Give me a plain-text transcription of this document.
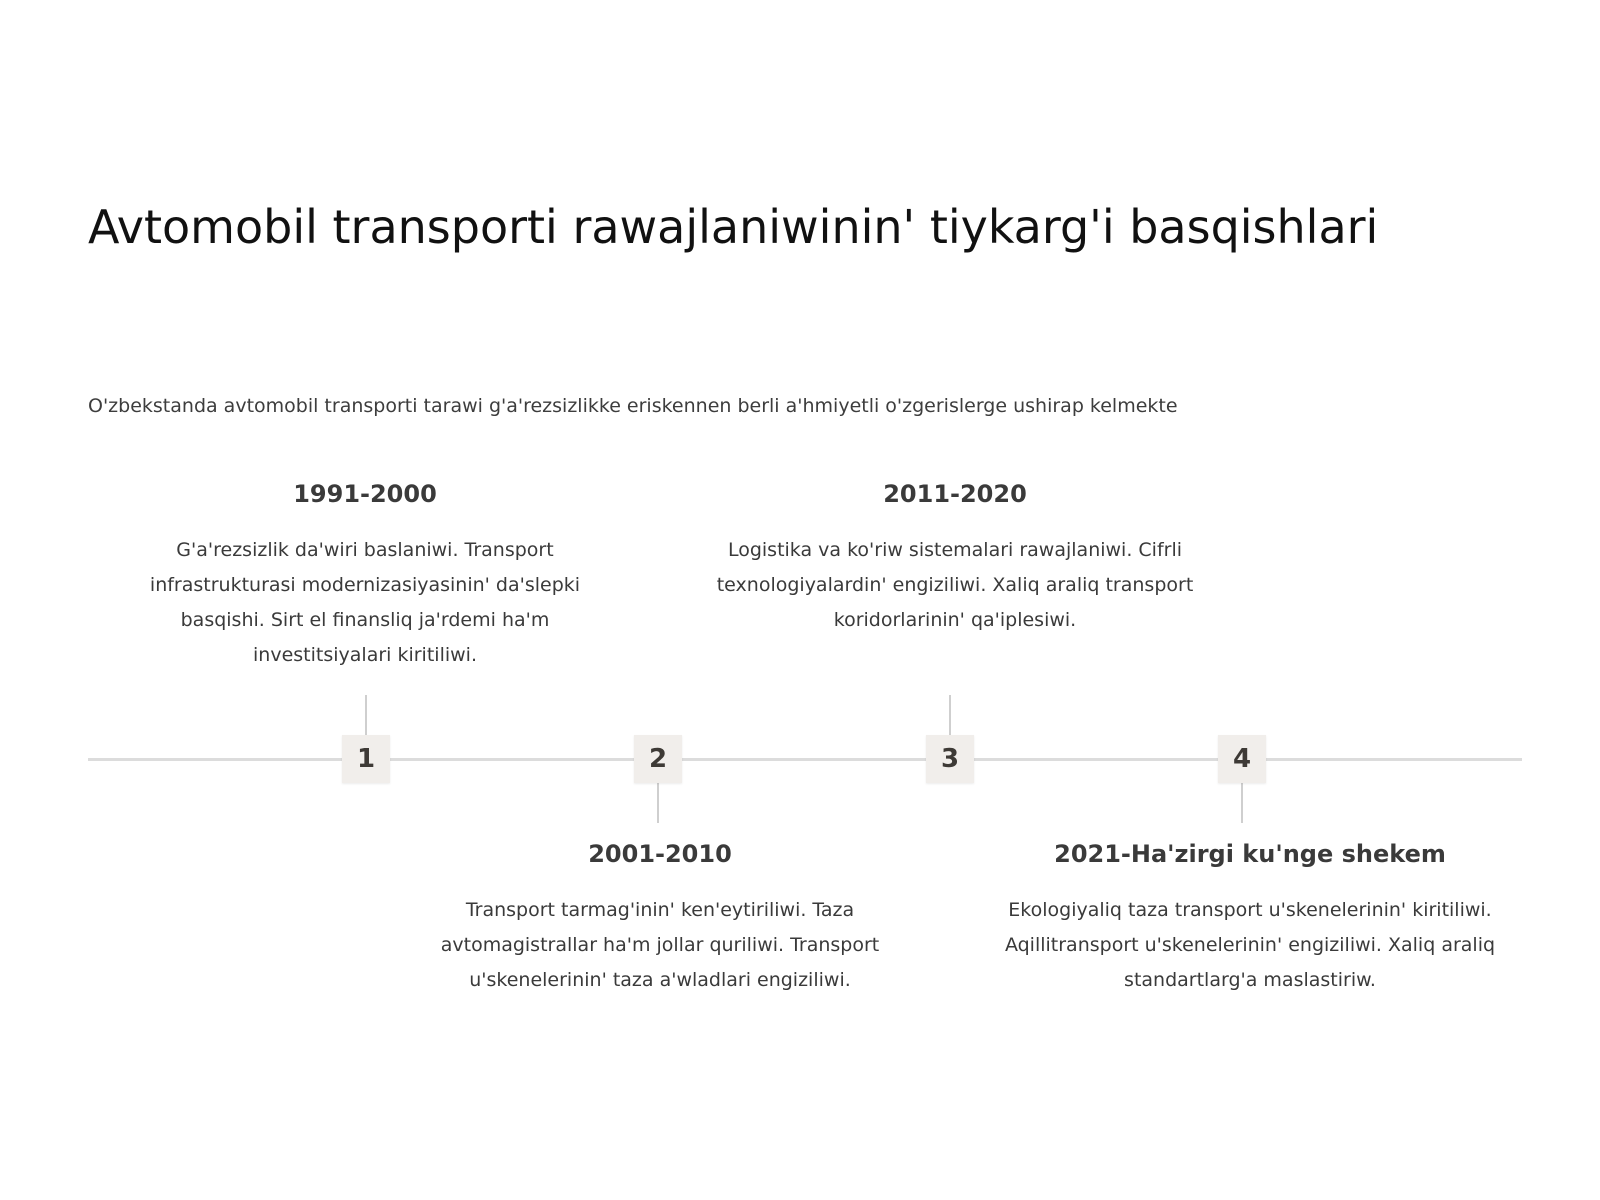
Avtomobil transporti rawajlaniwinin' tiykarg'i basqishlari

O'zbekstanda avtomobil transporti tarawi g'a'rezsizlikke eriskennen berli a'hmiyetli o'zgerislerge ushirap kelmekte

1991-2000

G'a'rezsizlik da'wiri baslaniwi. Transport infrastrukturasi modernizasiyasinin' da'slepki basqishi. Sirt el finansliq ja'rdemi ha'm investitsiyalari kiritiliwi.

1
2001-2010

Transport tarmag'inin' ken'eytiriliwi. Taza avtomagistrallar ha'm jollar quriliwi. Transport u'skenelerinin' taza a'wladlari engiziliwi.

2
2011-2020

Logistika va ko'riw sistemalari rawajlaniwi. Cifrli texnologiyalardin' engiziliwi. Xaliq araliq transport koridorlarinin' qa'iplesiwi.

3
2021-Ha'zirgi ku'nge shekem

Ekologiyaliq taza transport u'skenelerinin' kiritiliwi. Aqillitransport u'skenelerinin' engiziliwi. Xaliq araliq standartlarg'a maslastiriw.

4
